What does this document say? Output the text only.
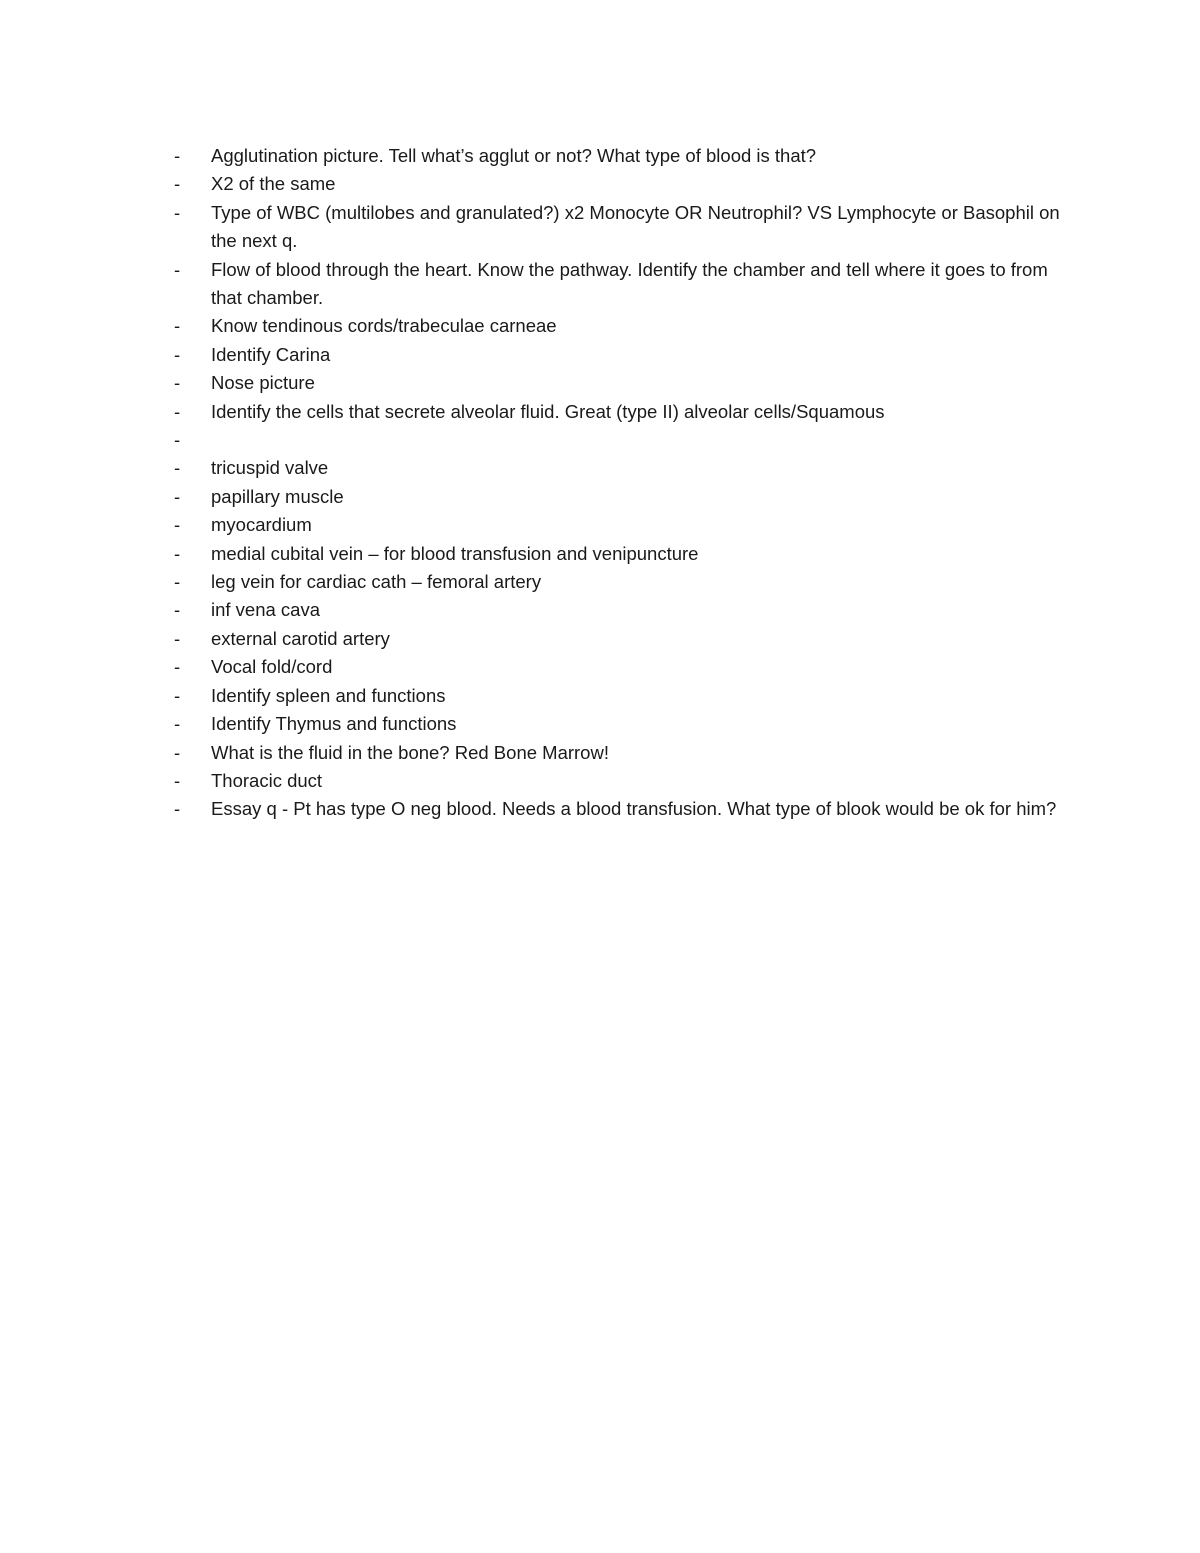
-	Agglutination picture. Tell what’s agglut or not? What type of blood is that?
-	X2 of the same
-	Type of WBC (multilobes and granulated?) x2 Monocyte OR Neutrophil? VS Lymphocyte or Basophil on the next q.
-	Flow of blood through the heart. Know the pathway. Identify the chamber and tell where it goes to from that chamber.
-	Know tendinous cords/trabeculae carneae
-	Identify Carina
-	Nose picture
-	Identify the cells that secrete alveolar fluid. Great (type II) alveolar cells/Squamous
-
-	tricuspid valve
-	papillary muscle
-	myocardium
-	medial cubital vein – for blood transfusion and venipuncture
-	leg vein for cardiac cath – femoral artery
-	inf vena cava
-	external carotid artery
-	Vocal fold/cord
-	Identify spleen and functions
-	Identify Thymus and functions
-	What is the fluid in the bone? Red Bone Marrow!
-	Thoracic duct
-	Essay q - Pt has type O neg blood. Needs a blood transfusion. What type of blook would be ok for him?
